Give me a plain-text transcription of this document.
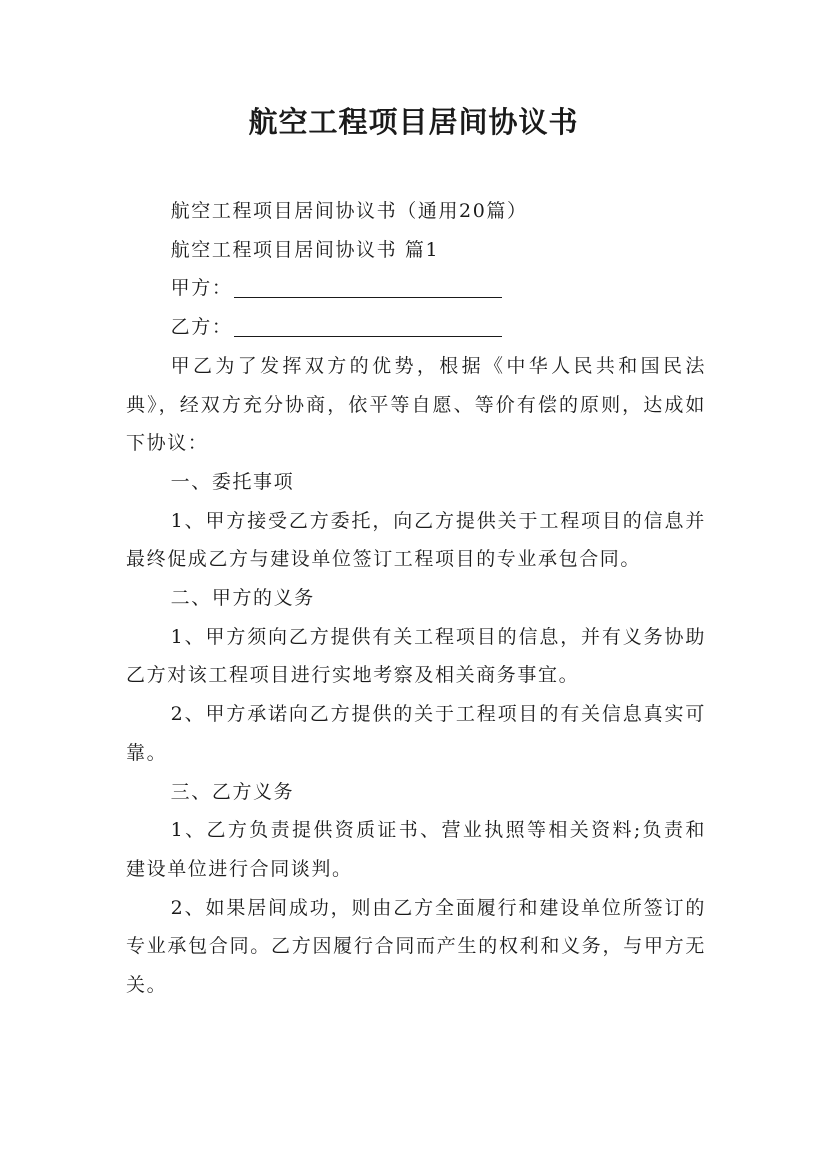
航空工程项目居间协议书

航空工程项目居间协议书（通用20篇）

航空工程项目居间协议书 篇1

甲方：

乙方：

甲乙为了发挥双方的优势，根据《中华人民共和国民法典》，经双方充分协商，依平等自愿、等价有偿的原则，达成如下协议：

一、委托事项

1、甲方接受乙方委托，向乙方提供关于工程项目的信息并最终促成乙方与建设单位签订工程项目的专业承包合同。

二、甲方的义务

1、甲方须向乙方提供有关工程项目的信息，并有义务协助乙方对该工程项目进行实地考察及相关商务事宜。

2、甲方承诺向乙方提供的关于工程项目的有关信息真实可靠。

三、乙方义务

1、乙方负责提供资质证书、营业执照等相关资料;负责和建设单位进行合同谈判。

2、如果居间成功，则由乙方全面履行和建设单位所签订的专业承包合同。乙方因履行合同而产生的权利和义务，与甲方无关。
